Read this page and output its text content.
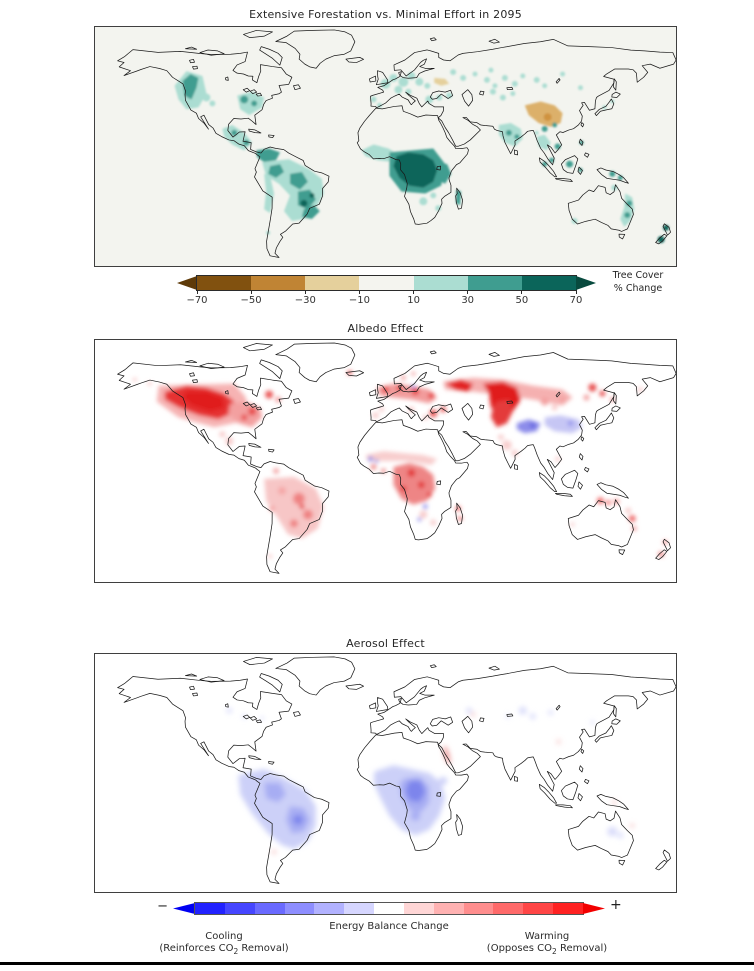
Extensive Forestation vs. Minimal Effort in 2095
−70	−50	−30	−10	10	30	50	70
Tree Cover
% Change
Albedo Effect
Aerosol Effect
−	+
Energy Balance Change
Cooling
(Reinforces $CO_2$ Removal)
Warming
(Opposes $CO_2$ Removal)
